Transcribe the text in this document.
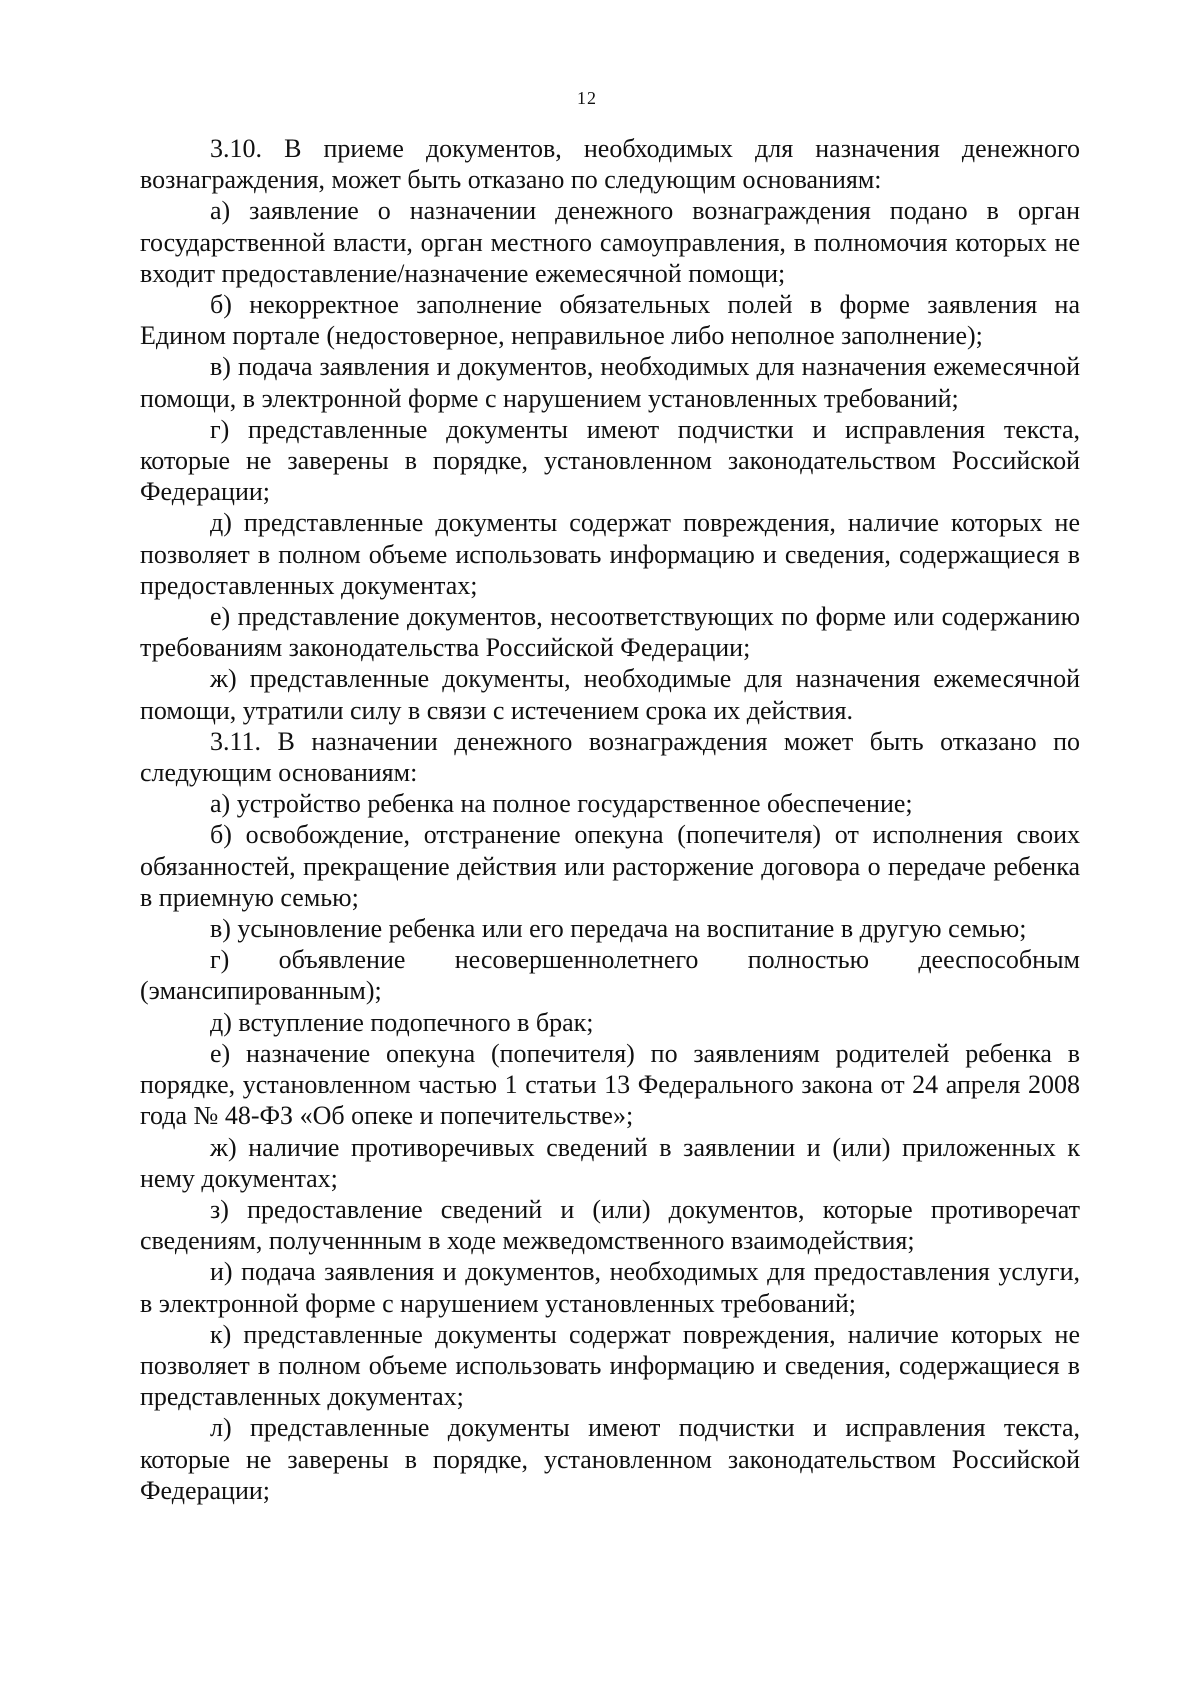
12

3.10. В приеме документов, необходимых для назначения денежного вознаграждения, может быть отказано по следующим основаниям:

а) заявление о назначении денежного вознаграждения подано в орган государственной власти, орган местного самоуправления, в полномочия которых не входит предоставление/назначение ежемесячной помощи;

б) некорректное заполнение обязательных полей в форме заявления на Едином портале (недостоверное, неправильное либо неполное заполнение);

в) подача заявления и документов, необходимых для назначения ежемесячной помощи, в электронной форме с нарушением установленных требований;

г) представленные документы имеют подчистки и исправления текста, которые не заверены в порядке, установленном законодательством Российской Федерации;

д) представленные документы содержат повреждения, наличие которых не позволяет в полном объеме использовать информацию и сведения, содержащиеся в предоставленных документах;

е) представление документов, несоответствующих по форме или содержанию требованиям законодательства Российской Федерации;

ж) представленные документы, необходимые для назначения ежемесячной помощи, утратили силу в связи с истечением срока их действия.

3.11. В назначении денежного вознаграждения может быть отказано по следующим основаниям:

а) устройство ребенка на полное государственное обеспечение;

б) освобождение, отстранение опекуна (попечителя) от исполнения своих обязанностей, прекращение действия или расторжение договора о передаче ребенка в приемную семью;

в) усыновление ребенка или его передача на воспитание в другую семью;

г) объявление несовершеннолетнего полностью дееспособным (эмансипированным);

д) вступление подопечного в брак;

е) назначение опекуна (попечителя) по заявлениям родителей ребенка в порядке, установленном частью 1 статьи 13 Федерального закона от 24 апреля 2008 года № 48-ФЗ «Об опеке и попечительстве»;

ж) наличие противоречивых сведений в заявлении и (или) приложенных к нему документах;

з) предоставление сведений и (или) документов, которые противоречат сведениям, полученнным в ходе межведомственного взаимодействия;

и) подача заявления и документов, необходимых для предоставления услуги, в электронной форме с нарушением установленных требований;

к) представленные документы содержат повреждения, наличие которых не позволяет в полном объеме использовать информацию и сведения, содержащиеся в представленных документах;

л) представленные документы имеют подчистки и исправления текста, которые не заверены в порядке, установленном законодательством Российской Федерации;
